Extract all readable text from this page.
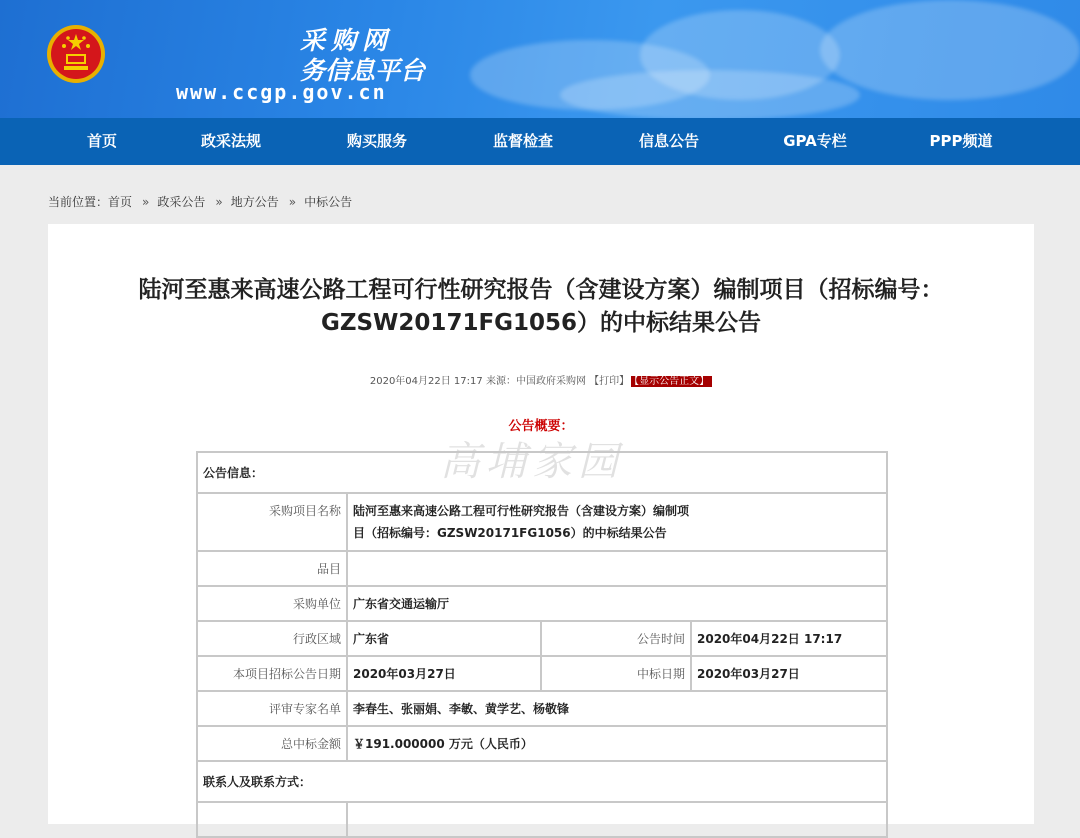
采购网
务信息平台
www.ccgp.gov.cn
首页	政采法规	购买服务	监督检查	信息公告	GPA专栏	PPP频道
当前位置：首页 » 政采公告 » 地方公告 » 中标公告
陆河至惠来高速公路工程可行性研究报告（含建设方案）编制项目（招标编号：
GZSW20171FG1056）的中标结果公告
2020年04月22日 17:17 来源：中国政府采购网 【打印】 【显示公告正文】
公告概要：
高埔家园
公告信息：			
采购项目名称	陆河至惠来高速公路工程可行性研究报告（含建设方案）编制项
目（招标编号：GZSW20171FG1056）的中标结果公告		

品目			
采购单位	广东省交通运输厅		
行政区域	广东省	公告时间	2020年04月22日 17:17
本项目招标公告日期	2020年03月27日	中标日期	2020年03月27日
评审专家名单	李春生、张丽娟、李敏、黄学艺、杨敬锋		
总中标金额	￥191.000000 万元（人民币）		
联系人及联系方式：			
